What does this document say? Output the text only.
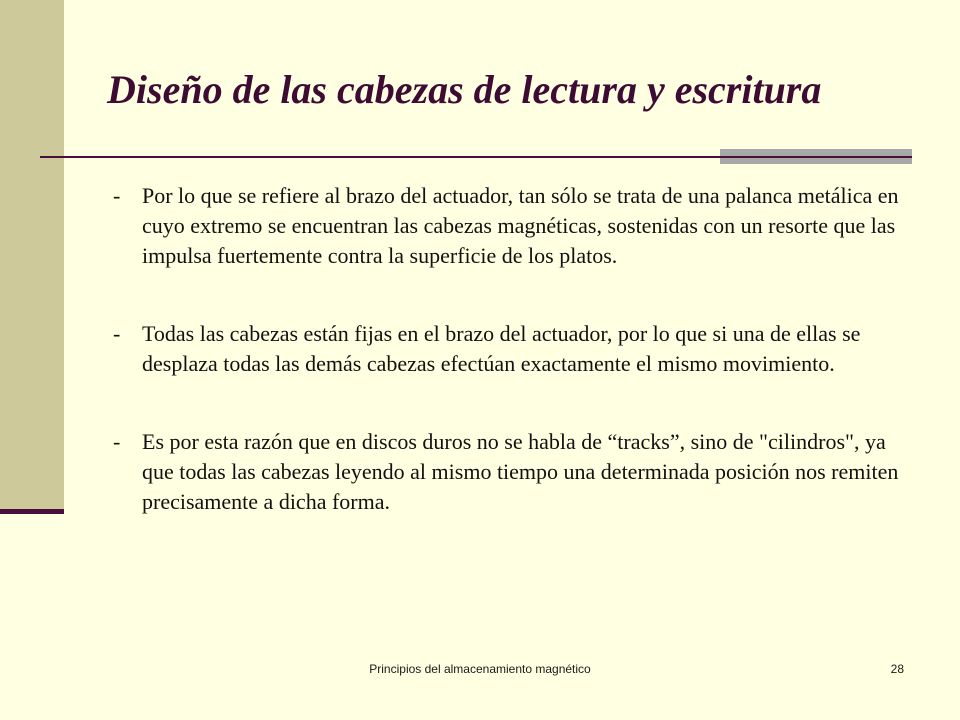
Diseño de las cabezas de lectura y escritura

- Por lo que se refiere al brazo del actuador, tan sólo se trata de una palanca metálica en cuyo extremo se encuentran las cabezas magnéticas, sostenidas con un resorte que las impulsa fuertemente contra la superficie de los platos.

- Todas las cabezas están fijas en el brazo del actuador, por lo que si una de ellas se desplaza todas las demás cabezas efectúan exactamente el mismo movimiento.

- Es por esta razón que en discos duros no se habla de “tracks”, sino de "cilindros", ya que todas las cabezas leyendo al mismo tiempo una determinada posición nos remiten precisamente a dicha forma.

Principios del almacenamiento magnético	28
